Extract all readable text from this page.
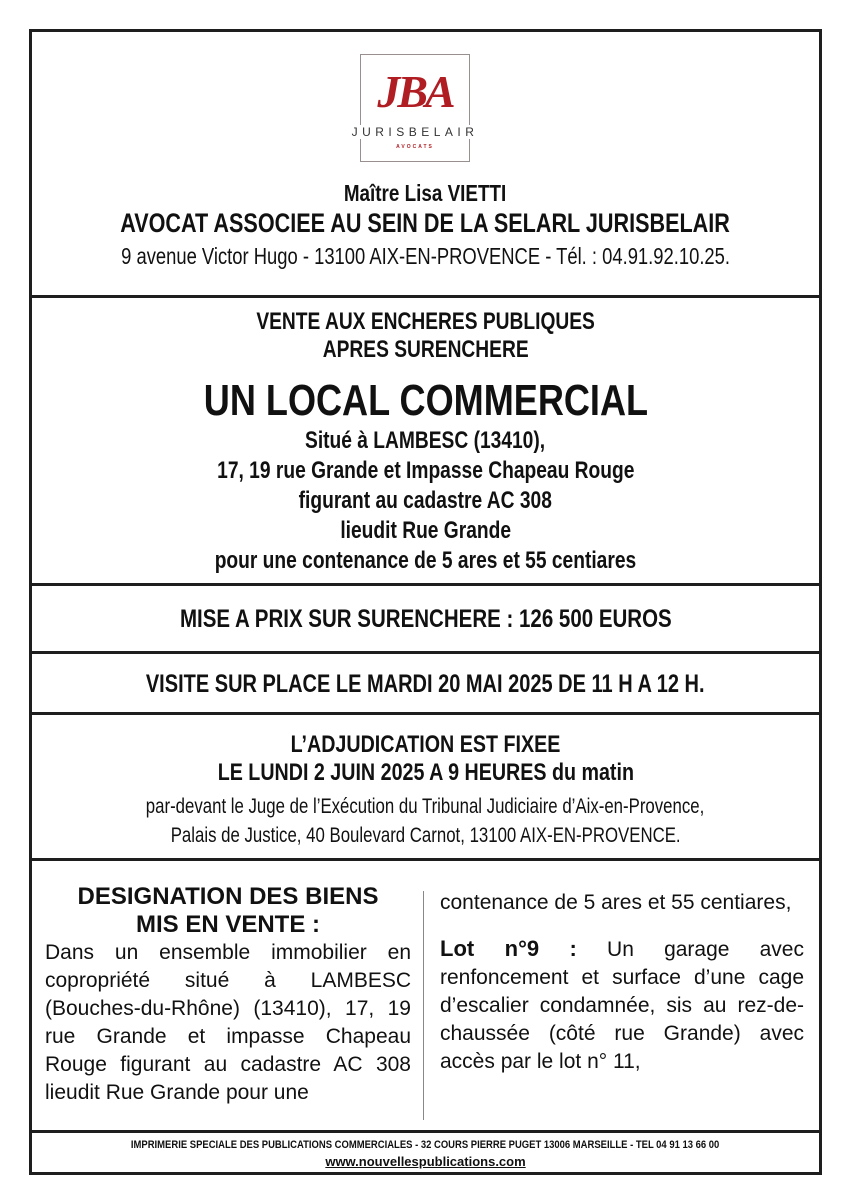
JBA
JURISBELAIR
AVOCATS
Maître Lisa VIETTI
AVOCAT ASSOCIEE AU SEIN DE LA SELARL JURISBELAIR
9 avenue Victor Hugo - 13100 AIX-EN-PROVENCE - Tél. : 04.91.92.10.25.
VENTE AUX ENCHERES PUBLIQUES
APRES SURENCHERE
UN LOCAL COMMERCIAL
Situé à LAMBESC (13410),
17, 19 rue Grande et Impasse Chapeau Rouge
figurant au cadastre AC 308
lieudit Rue Grande
pour une contenance de 5 ares et 55 centiares
MISE A PRIX SUR SURENCHERE : 126 500 EUROS
VISITE SUR PLACE LE MARDI 20 MAI 2025 DE 11 H A 12 H.
L’ADJUDICATION EST FIXEE
LE LUNDI 2 JUIN 2025 A 9 HEURES du matin
par-devant le Juge de l’Exécution du Tribunal Judiciaire d’Aix-en-Provence,
Palais de Justice, 40 Boulevard Carnot, 13100 AIX-EN-PROVENCE.
DESIGNATION DES BIENS
MIS EN VENTE :
Dans un ensemble immobilier en copropriété situé à LAMBESC (Bouches-du-Rhône) (13410), 17, 19 rue Grande et impasse Chapeau Rouge figurant au cadastre AC 308 lieudit Rue Grande pour une
contenance de 5 ares et 55 centiares,
Lot n°9 : Un garage avec renfoncement et surface d’une cage d’escalier condamnée, sis au rez-de-chaussée (côté rue Grande) avec accès par le lot n° 11,
IMPRIMERIE SPECIALE DES PUBLICATIONS COMMERCIALES - 32 COURS PIERRE PUGET 13006 MARSEILLE - TEL 04 91 13 66 00
www.nouvellespublications.com
